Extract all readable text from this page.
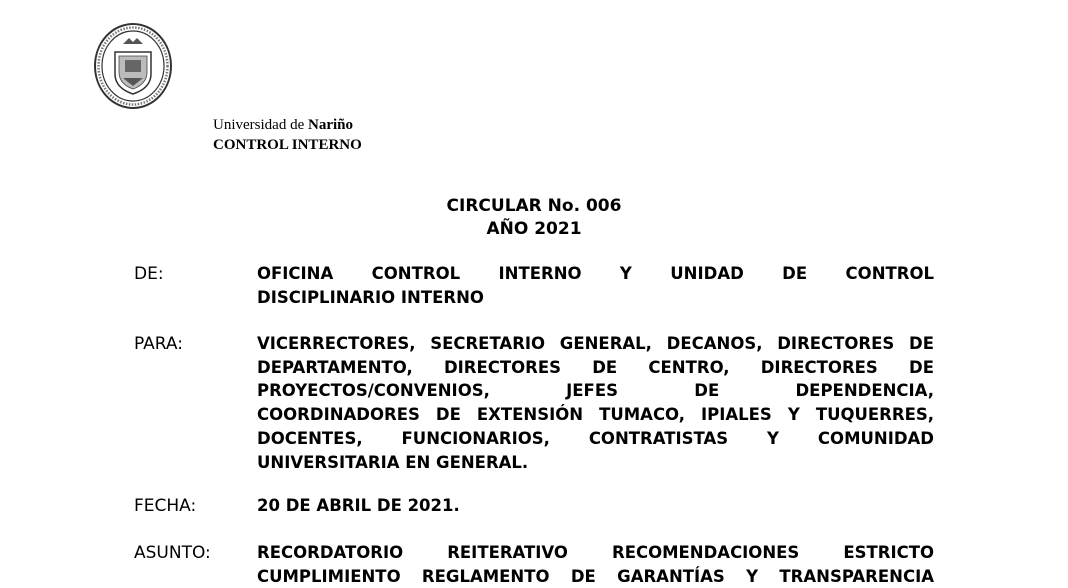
Universidad de Nariño
CONTROL INTERNO
CIRCULAR No. 006
AÑO 2021
DE:	OFICINA CONTROL INTERNO Y UNIDAD DE CONTROL
DISCIPLINARIO INTERNO
PARA:	VICERRECTORES, SECRETARIO GENERAL, DECANOS, DIRECTORES DE
DEPARTAMENTO, DIRECTORES DE CENTRO, DIRECTORES DE
PROYECTOS/CONVENIOS, JEFES DE DEPENDENCIA,
COORDINADORES DE EXTENSIÓN TUMACO, IPIALES Y TUQUERRES,
DOCENTES, FUNCIONARIOS, CONTRATISTAS Y COMUNIDAD
UNIVERSITARIA EN GENERAL.
FECHA:	20 DE ABRIL DE 2021.
ASUNTO:	RECORDATORIO REITERATIVO RECOMENDACIONES ESTRICTO
CUMPLIMIENTO REGLAMENTO DE GARANTÍAS Y TRANSPARENCIA
